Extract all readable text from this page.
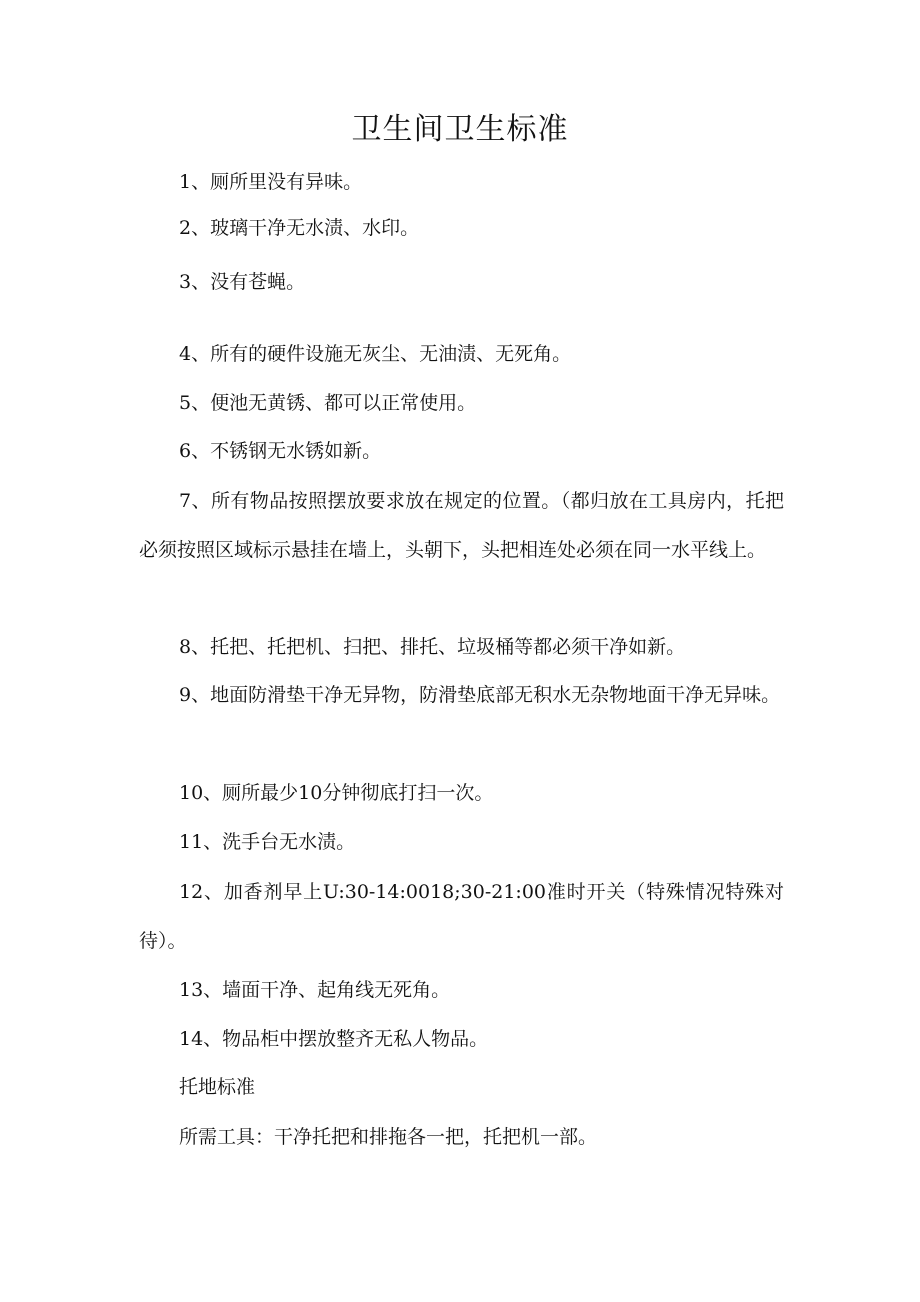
卫生间卫生标准

1、厕所里没有异味。

2、玻璃干净无水渍、水印。

3、没有苍蝇。

4、所有的硬件设施无灰尘、无油渍、无死角。

5、便池无黄锈、都可以正常使用。

6、不锈钢无水锈如新。

7、所有物品按照摆放要求放在规定的位置。（都归放在工具房内，托把必须按照区域标示悬挂在墙上，头朝下，头把相连处必须在同一水平线上。

8、托把、托把机、扫把、排托、垃圾桶等都必须干净如新。

9、地面防滑垫干净无异物，防滑垫底部无积水无杂物地面干净无异味。

10、厕所最少10分钟彻底打扫一次。

11、洗手台无水渍。

12、加香剂早上U:30-14:0018;30-21:00准时开关（特殊情况特殊对待）。

13、墙面干净、起角线无死角。

14、物品柜中摆放整齐无私人物品。

托地标准

所需工具：干净托把和排拖各一把，托把机一部。
